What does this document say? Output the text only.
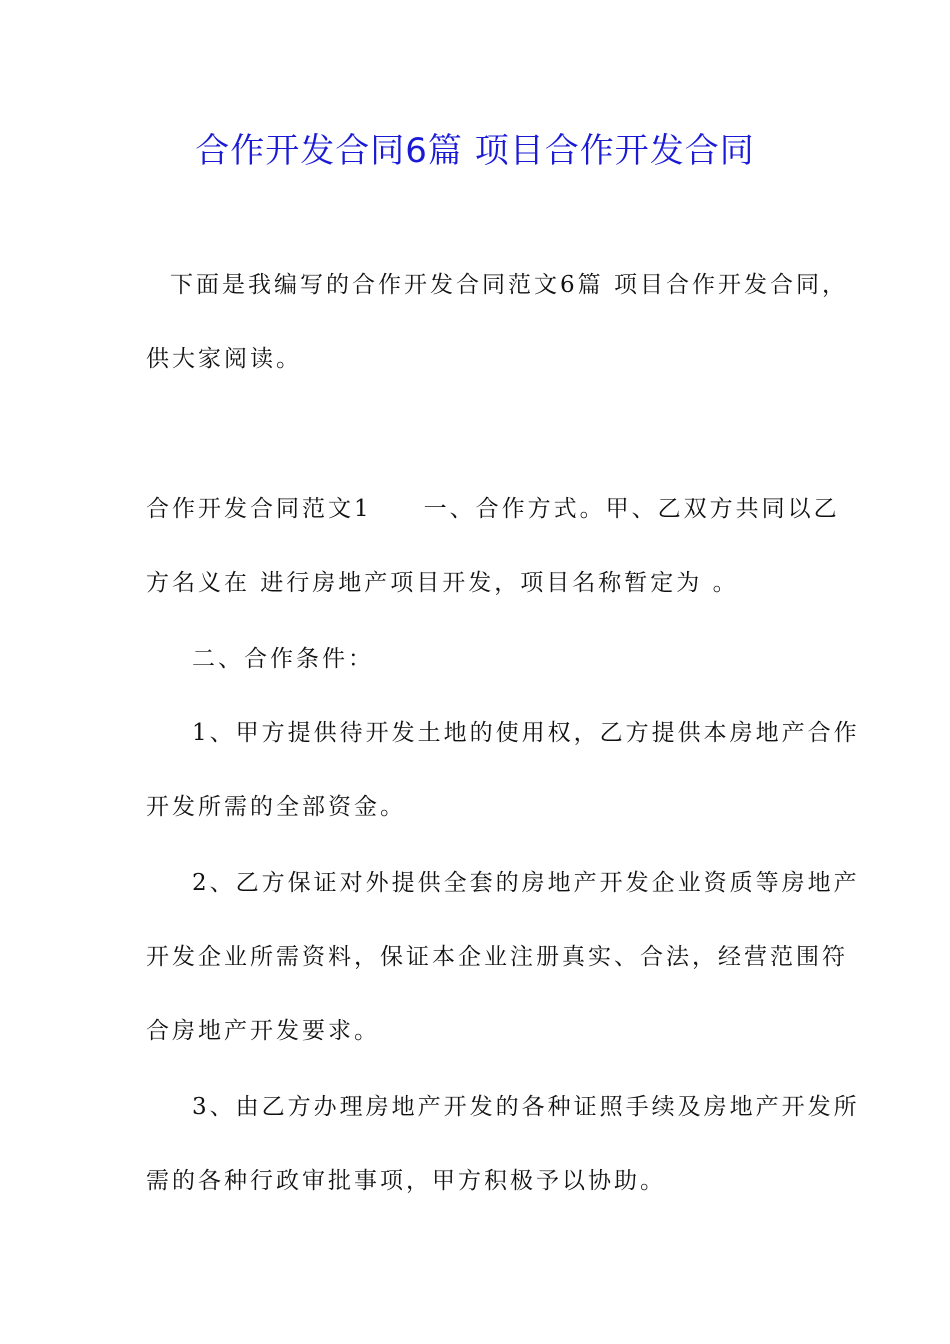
合作开发合同6篇 项目合作开发合同
下面是我编写的合作开发合同范文6篇 项目合作开发合同，
供大家阅读。
合作开发合同范文1　　一、合作方式。甲、乙双方共同以乙
方名义在 进行房地产项目开发，项目名称暂定为 。
二、合作条件：
1、甲方提供待开发土地的使用权，乙方提供本房地产合作
开发所需的全部资金。
2、乙方保证对外提供全套的房地产开发企业资质等房地产
开发企业所需资料，保证本企业注册真实、合法，经营范围符
合房地产开发要求。
3、由乙方办理房地产开发的各种证照手续及房地产开发所
需的各种行政审批事项，甲方积极予以协助。
